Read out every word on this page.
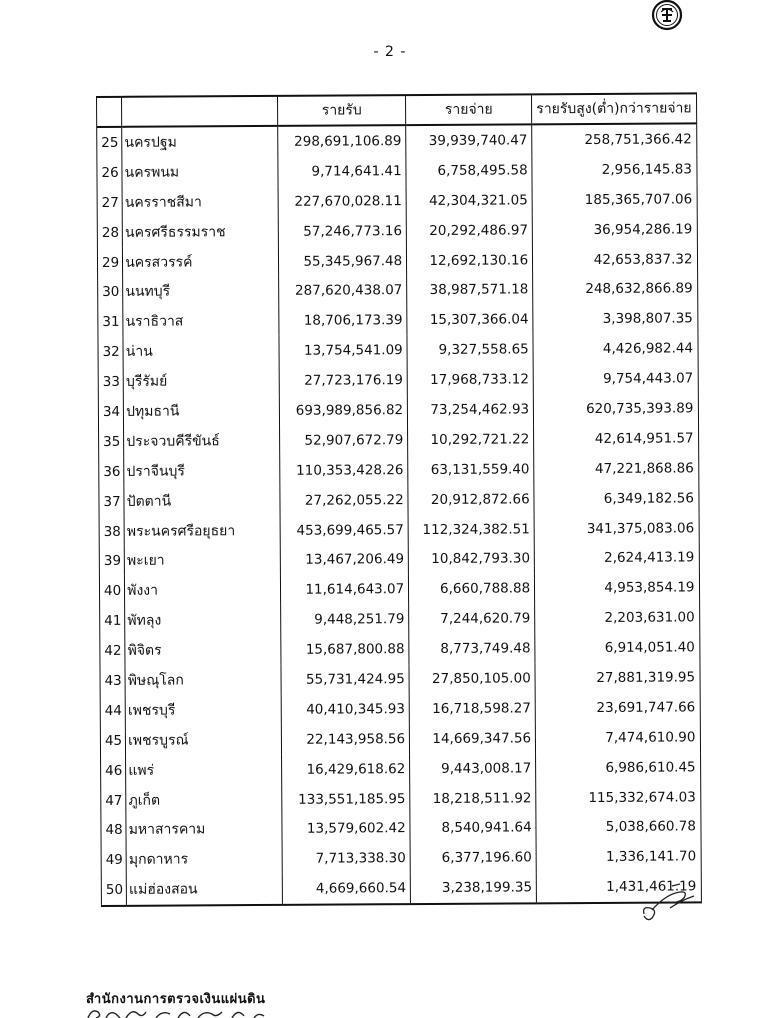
- 2 -
		รายรับ	รายจ่าย	รายรับสูง(ต่ำ)กว่ารายจ่าย
25	นครปฐม	298,691,106.89	39,939,740.47	258,751,366.42
26	นครพนม	9,714,641.41	6,758,495.58	2,956,145.83
27	นครราชสีมา	227,670,028.11	42,304,321.05	185,365,707.06
28	นครศรีธรรมราช	57,246,773.16	20,292,486.97	36,954,286.19
29	นครสวรรค์	55,345,967.48	12,692,130.16	42,653,837.32
30	นนทบุรี	287,620,438.07	38,987,571.18	248,632,866.89
31	นราธิวาส	18,706,173.39	15,307,366.04	3,398,807.35
32	น่าน	13,754,541.09	9,327,558.65	4,426,982.44
33	บุรีรัมย์	27,723,176.19	17,968,733.12	9,754,443.07
34	ปทุมธานี	693,989,856.82	73,254,462.93	620,735,393.89
35	ประจวบคีรีขันธ์	52,907,672.79	10,292,721.22	42,614,951.57
36	ปราจีนบุรี	110,353,428.26	63,131,559.40	47,221,868.86
37	ปัตตานี	27,262,055.22	20,912,872.66	6,349,182.56
38	พระนครศรีอยุธยา	453,699,465.57	112,324,382.51	341,375,083.06
39	พะเยา	13,467,206.49	10,842,793.30	2,624,413.19
40	พังงา	11,614,643.07	6,660,788.88	4,953,854.19
41	พัทลุง	9,448,251.79	7,244,620.79	2,203,631.00
42	พิจิตร	15,687,800.88	8,773,749.48	6,914,051.40
43	พิษณุโลก	55,731,424.95	27,850,105.00	27,881,319.95
44	เพชรบุรี	40,410,345.93	16,718,598.27	23,691,747.66
45	เพชรบูรณ์	22,143,958.56	14,669,347.56	7,474,610.90
46	แพร่	16,429,618.62	9,443,008.17	6,986,610.45
47	ภูเก็ต	133,551,185.95	18,218,511.92	115,332,674.03
48	มหาสารคาม	13,579,602.42	8,540,941.64	5,038,660.78
49	มุกดาหาร	7,713,338.30	6,377,196.60	1,336,141.70
50	แม่ฮ่องสอน	4,669,660.54	3,238,199.35	1,431,461.19
สำนักงานการตรวจเงินแผ่นดิน
